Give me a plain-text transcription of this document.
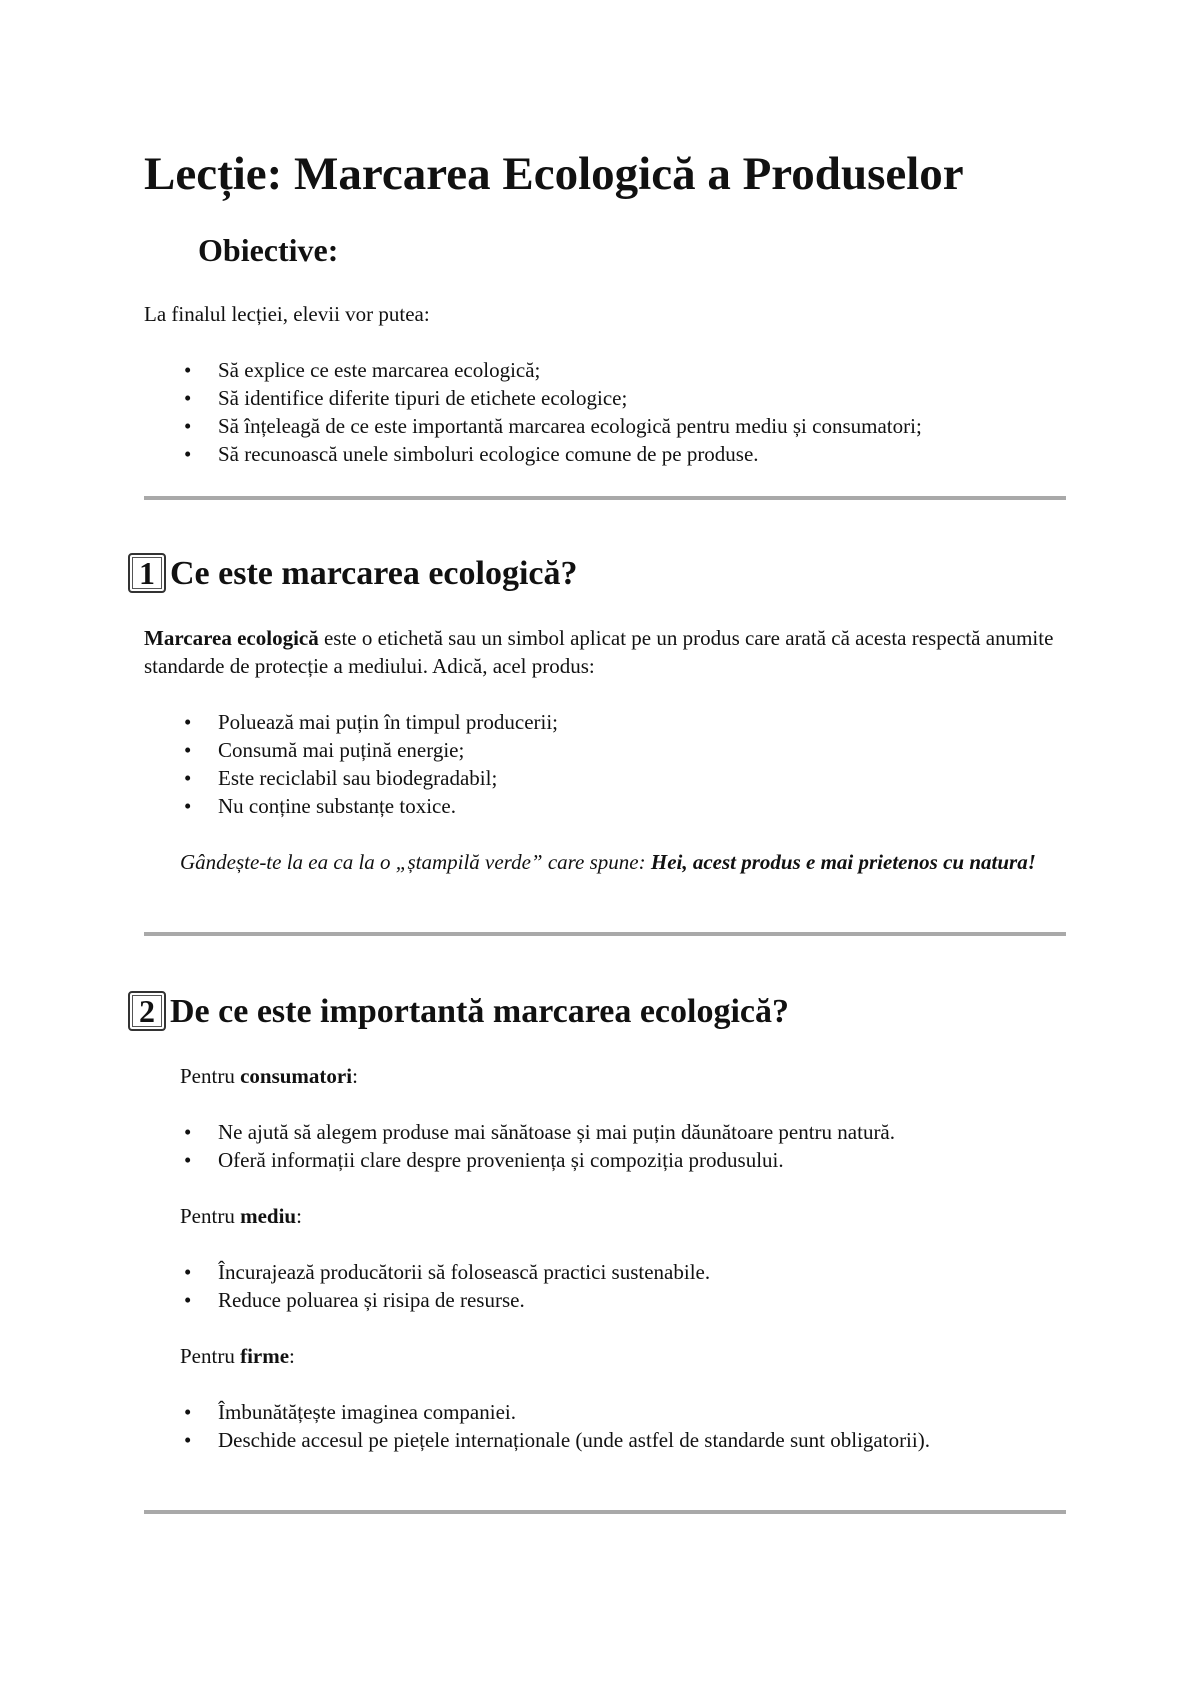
Lecție: Marcarea Ecologică a Produselor
Obiective:

La finalul lecției, elevii vor putea:

• Să explice ce este marcarea ecologică;
• Să identifice diferite tipuri de etichete ecologice;
• Să înțeleagă de ce este importantă marcarea ecologică pentru mediu și consumatori;
• Să recunoască unele simboluri ecologice comune de pe produse.
1 Ce este marcarea ecologică?

Marcarea ecologică este o etichetă sau un simbol aplicat pe un produs care arată că acesta respectă anumite standarde de protecție a mediului. Adică, acel produs:

• Poluează mai puțin în timpul producerii;
• Consumă mai puțină energie;
• Este reciclabil sau biodegradabil;
• Nu conține substanțe toxice.

Gândește-te la ea ca la o „ștampilă verde” care spune: Hei, acest produs e mai prietenos cu natura!

2 De ce este importantă marcarea ecologică?

Pentru consumatori:

• Ne ajută să alegem produse mai sănătoase și mai puțin dăunătoare pentru natură.
• Oferă informații clare despre proveniența și compoziția produsului.

Pentru mediu:

• Încurajează producătorii să folosească practici sustenabile.
• Reduce poluarea și risipa de resurse.

Pentru firme:

• Îmbunătățește imaginea companiei.
• Deschide accesul pe piețele internaționale (unde astfel de standarde sunt obligatorii).
